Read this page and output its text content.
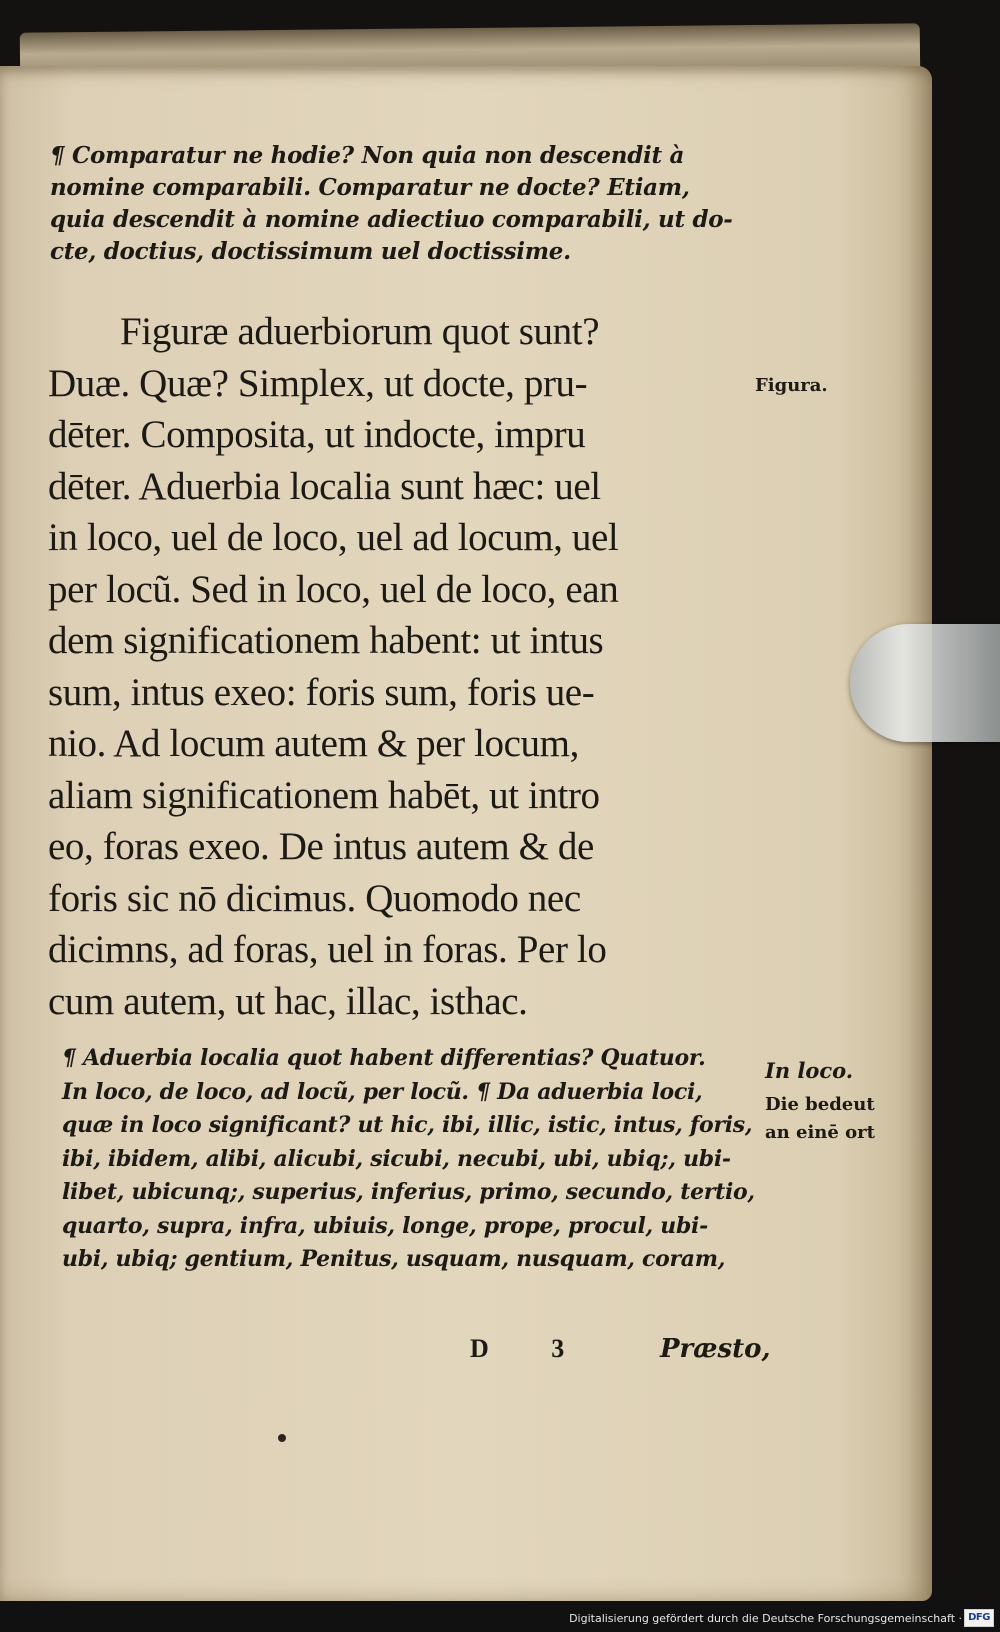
¶ Comparatur ne hodie? Non quia non descendit à
nomine comparabili. Comparatur ne docte? Etiam,
quia descendit à nomine adiectiuo comparabili, ut do-
cte, doctius, doctissimum uel doctissime.
Figuræ aduerbiorum quot sunt?
Duæ. Quæ? Simplex, ut docte, pru-
dēter. Composita, ut indocte, impru
dēter. Aduerbia localia sunt hæc: uel
in loco, uel de loco, uel ad locum, uel
per locũ. Sed in loco, uel de loco, ean
dem significationem habent: ut intus
sum, intus exeo: foris sum, foris ue-
nio. Ad locum autem & per locum,
aliam significationem habēt, ut intro
eo, foras exeo. De intus autem & de
foris sic nō dicimus. Quomodo nec
dicimns, ad foras, uel in foras. Per lo
cum autem, ut hac, illac, isthac.
¶ Aduerbia localia quot habent differentias? Quatuor.
In loco, de loco, ad locũ, per locũ. ¶ Da aduerbia loci,
quæ in loco significant? ut hic, ibi, illic, istic, intus, foris,
ibi, ibidem, alibi, alicubi, sicubi, necubi, ubi, ubiq;, ubi-
libet, ubicunq;, superius, inferius, primo, secundo, tertio,
quarto, supra, infra, ubiuis, longe, prope, procul, ubi-
ubi, ubiq; gentium, Penitus, usquam, nusquam, coram,
D 3	Præsto,
Figura.
In loco.
Die bedeut
an einē ort
Digitalisierung gefördert durch die Deutsche Forschungsgemeinschaft · DFG
